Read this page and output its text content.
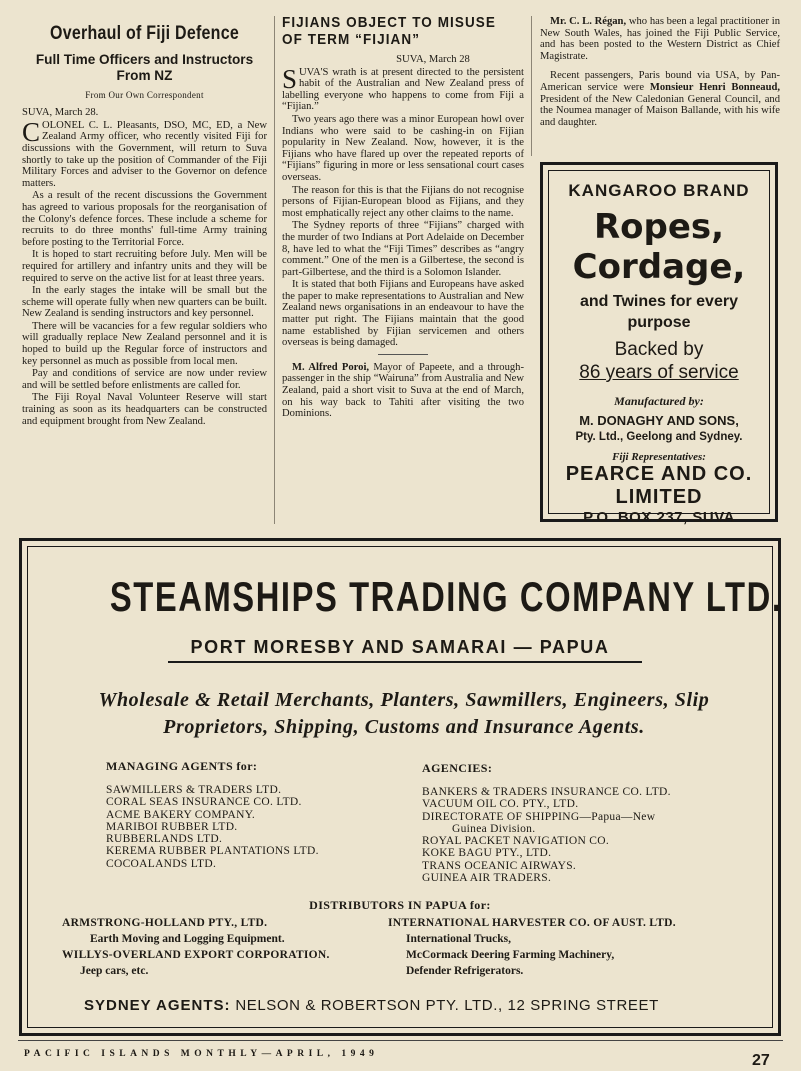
Overhaul of Fiji Defence
Full Time Officers and Instructors From NZ
From Our Own Correspondent

SUVA, March 28.

COLONEL C. L. Pleasants, DSO, MC, ED, a New Zealand Army officer, who recently visited Fiji for discussions with the Government, will return to Suva shortly to take up the position of Commander of the Fiji Military Forces and adviser to the Governor on defence matters.

As a result of the recent discussions the Government has agreed to various proposals for the reorganisation of the Colony's defence forces. These include a scheme for recruits to do three months' full-time Army training before posting to the Territorial Force.

It is hoped to start recruiting before July. Men will be required for artillery and infantry units and they will be required to serve on the active list for at least three years.

In the early stages the intake will be small but the scheme will operate fully when new quarters can be built. New Zealand is sending instructors and key personnel.

There will be vacancies for a few regular soldiers who will gradually replace New Zealand personnel and it is hoped to build up the Regular force of instructors and key personnel as much as possible from local men.

Pay and conditions of service are now under review and will be settled before enlistments are called for.

The Fiji Royal Naval Volunteer Reserve will start training as soon as its headquarters can be constructed and equipment brought from New Zealand.

FIJIANS OBJECT TO MISUSE OF TERM “FIJIAN”

SUVA, March 28

SUVA'S wrath is at present directed to the persistent habit of the Australian and New Zealand press of labelling everyone who happens to come from Fiji a “Fijian.”

Two years ago there was a minor European howl over Indians who were said to be cashing-in on Fijian popularity in New Zealand. Now, however, it is the Fijians who have flared up over the repeated reports of “Fijians” figuring in more or less sensational court cases overseas.

The reason for this is that the Fijians do not recognise persons of Fijian-European blood as Fijians, and they most emphatically reject any other claims to the name.

The Sydney reports of three “Fijians” charged with the murder of two Indians at Port Adelaide on December 8, have led to what the “Fiji Times” describes as “angry comment.” One of the men is a Gilbertese, the second is part-Gilbertese, and the third is a Solomon Islander.

It is stated that both Fijians and Europeans have asked the paper to make representations to Australian and New Zealand news organisations in an endeavour to have the matter put right. The Fijians maintain that the good name established by Fijian servicemen and others overseas is being damaged.

M. Alfred Poroi, Mayor of Papeete, and a through-passenger in the ship “Wairuna” from Australia and New Zealand, paid a short visit to Suva at the end of March, on his way back to Tahiti after visiting the two Dominions.

Mr. C. L. Régan, who has been a legal practitioner in New South Wales, has joined the Fiji Public Service, and has been posted to the Western District as Chief Magistrate.

Recent passengers, Paris bound via USA, by Pan-American service were Monsieur Henri Bonneaud, President of the New Caledonian General Council, and the Noumea manager of Maison Ballande, with his wife and daughter.

KANGAROO BRAND
Ropes,
Cordage,
and Twines for every purpose
Backed by
86 years of service
Manufactured by:
M. DONAGHY AND SONS,
Pty. Ltd., Geelong and Sydney.
Fiji Representatives:
PEARCE AND CO.
LIMITED
P.O. BOX 237, SUVA
STEAMSHIPS TRADING COMPANY LTD.
PORT MORESBY AND SAMARAI — PAPUA
Wholesale & Retail Merchants, Planters, Sawmillers, Engineers, Slip
Proprietors, Shipping, Customs and Insurance Agents.
MANAGING AGENTS for:
SAWMILLERS & TRADERS LTD.
CORAL SEAS INSURANCE CO. LTD.
ACME BAKERY COMPANY.
MARIBOI RUBBER LTD.
RUBBERLANDS LTD.
KEREMA RUBBER PLANTATIONS LTD.
COCOALANDS LTD.
AGENCIES:
BANKERS & TRADERS INSURANCE CO. LTD.
VACUUM OIL CO. PTY., LTD.
DIRECTORATE OF SHIPPING—Papua—New
Guinea Division.
ROYAL PACKET NAVIGATION CO.
KOKE BAGU PTY., LTD.
TRANS OCEANIC AIRWAYS.
GUINEA AIR TRADERS.
DISTRIBUTORS IN PAPUA for:
ARMSTRONG-HOLLAND PTY., LTD.
Earth Moving and Logging Equipment.
WILLYS-OVERLAND EXPORT CORPORATION.
Jeep cars, etc.
INTERNATIONAL HARVESTER CO. OF AUST. LTD.
International Trucks,
McCormack Deering Farming Machinery,
Defender Refrigerators.
SYDNEY AGENTS: NELSON & ROBERTSON PTY. LTD., 12 SPRING STREET
PACIFIC ISLANDS MONTHLY—APRIL, 1949	27
